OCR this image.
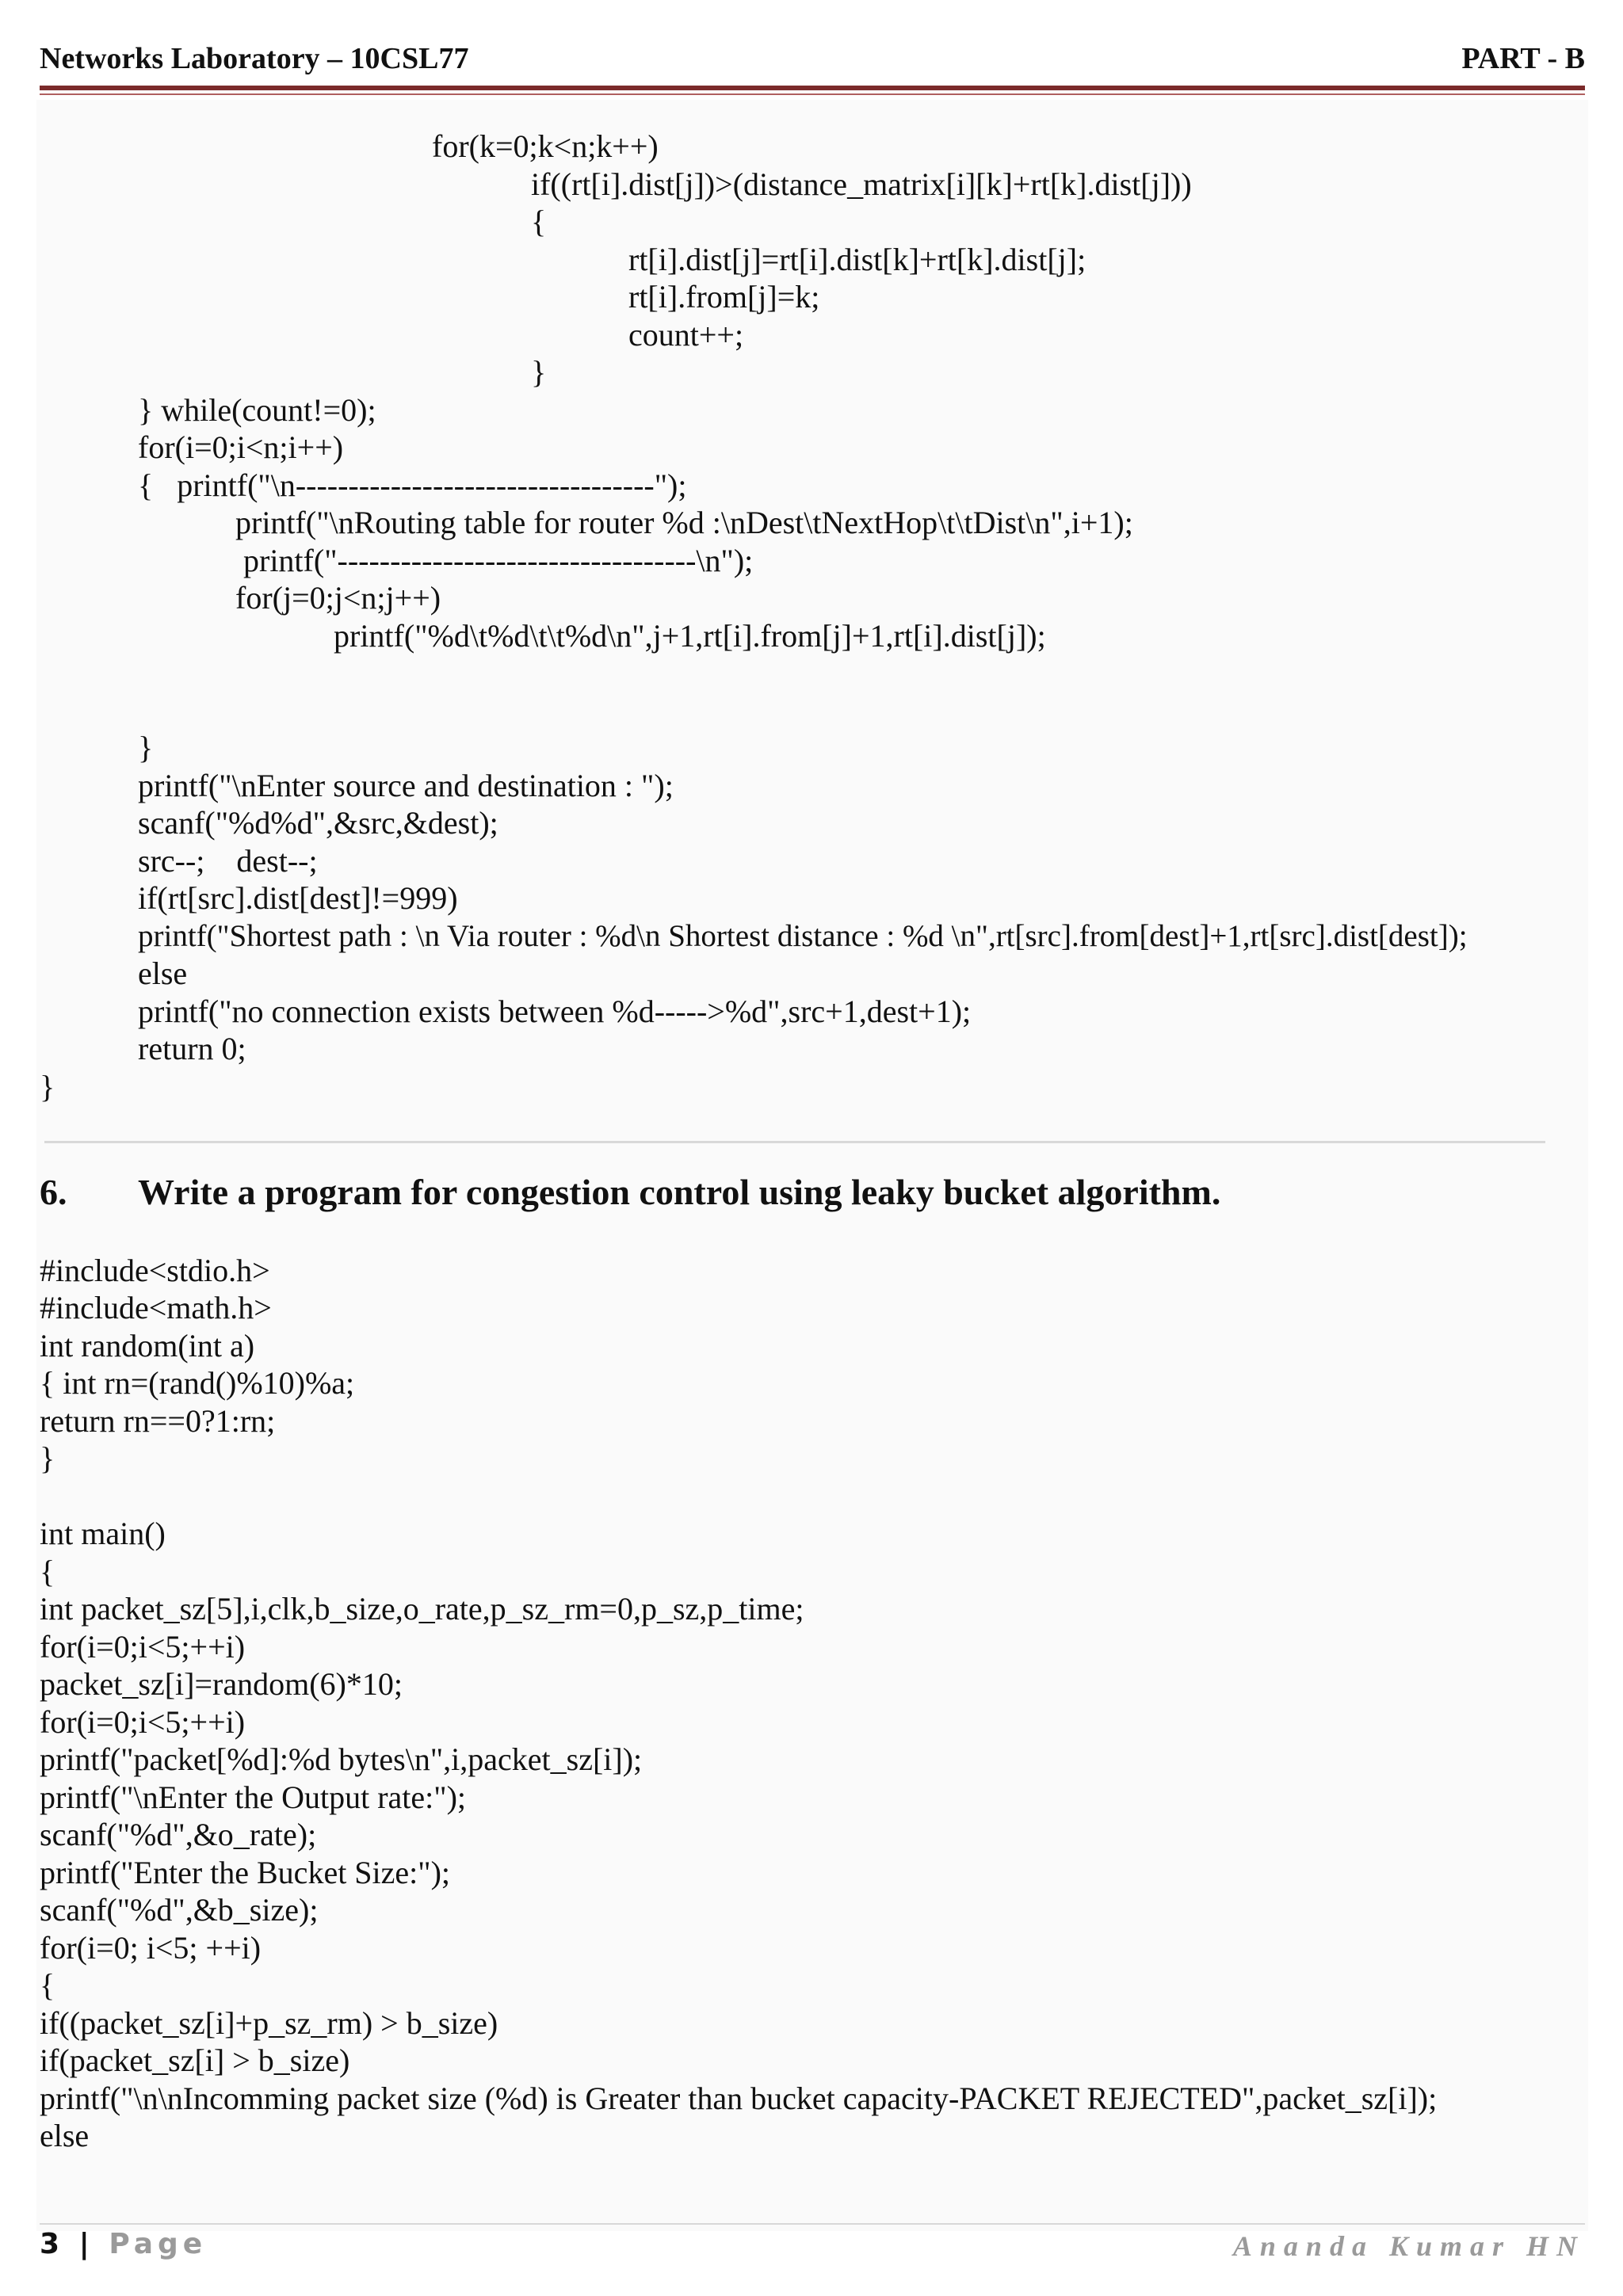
Networks Laboratory – 10CSL77	PART - B
for(k=0;k<n;k++)
if((rt[i].dist[j])>(distance_matrix[i][k]+rt[k].dist[j]))
{
rt[i].dist[j]=rt[i].dist[k]+rt[k].dist[j];
rt[i].from[j]=k;
count++;
}
} while(count!=0);
for(i=0;i<n;i++)
{   printf("\n----------------------------------");
printf("\nRouting table for router %d :\nDest\tNextHop\t\tDist\n",i+1);
printf("----------------------------------\n");
for(j=0;j<n;j++)
printf("%d\t%d\t\t%d\n",j+1,rt[i].from[j]+1,rt[i].dist[j]);
}
printf("\nEnter source and destination : ");
scanf("%d%d",&src,&dest);
src--;    dest--;
if(rt[src].dist[dest]!=999)
printf("Shortest path : \n Via router : %d\n Shortest distance : %d \n",rt[src].from[dest]+1,rt[src].dist[dest]);
else
printf("no connection exists between %d----->%d",src+1,dest+1);
return 0;
}

6.

Write a program for congestion control using leaky bucket algorithm.

#include<stdio.h>
#include<math.h>
int random(int a)
{ int rn=(rand()%10)%a;
return rn==0?1:rn;
}
int main()
{
int packet_sz[5],i,clk,b_size,o_rate,p_sz_rm=0,p_sz,p_time;
for(i=0;i<5;++i)
packet_sz[i]=random(6)*10;
for(i=0;i<5;++i)
printf("packet[%d]:%d bytes\n",i,packet_sz[i]);
printf("\nEnter the Output rate:");
scanf("%d",&o_rate);
printf("Enter the Bucket Size:");
scanf("%d",&b_size);
for(i=0; i<5; ++i)
{
if((packet_sz[i]+p_sz_rm) > b_size)
if(packet_sz[i] > b_size)
printf("\n\nIncomming packet size (%d) is Greater than bucket capacity-PACKET REJECTED",packet_sz[i]);
else
3 | Page	Ananda Kumar HN
